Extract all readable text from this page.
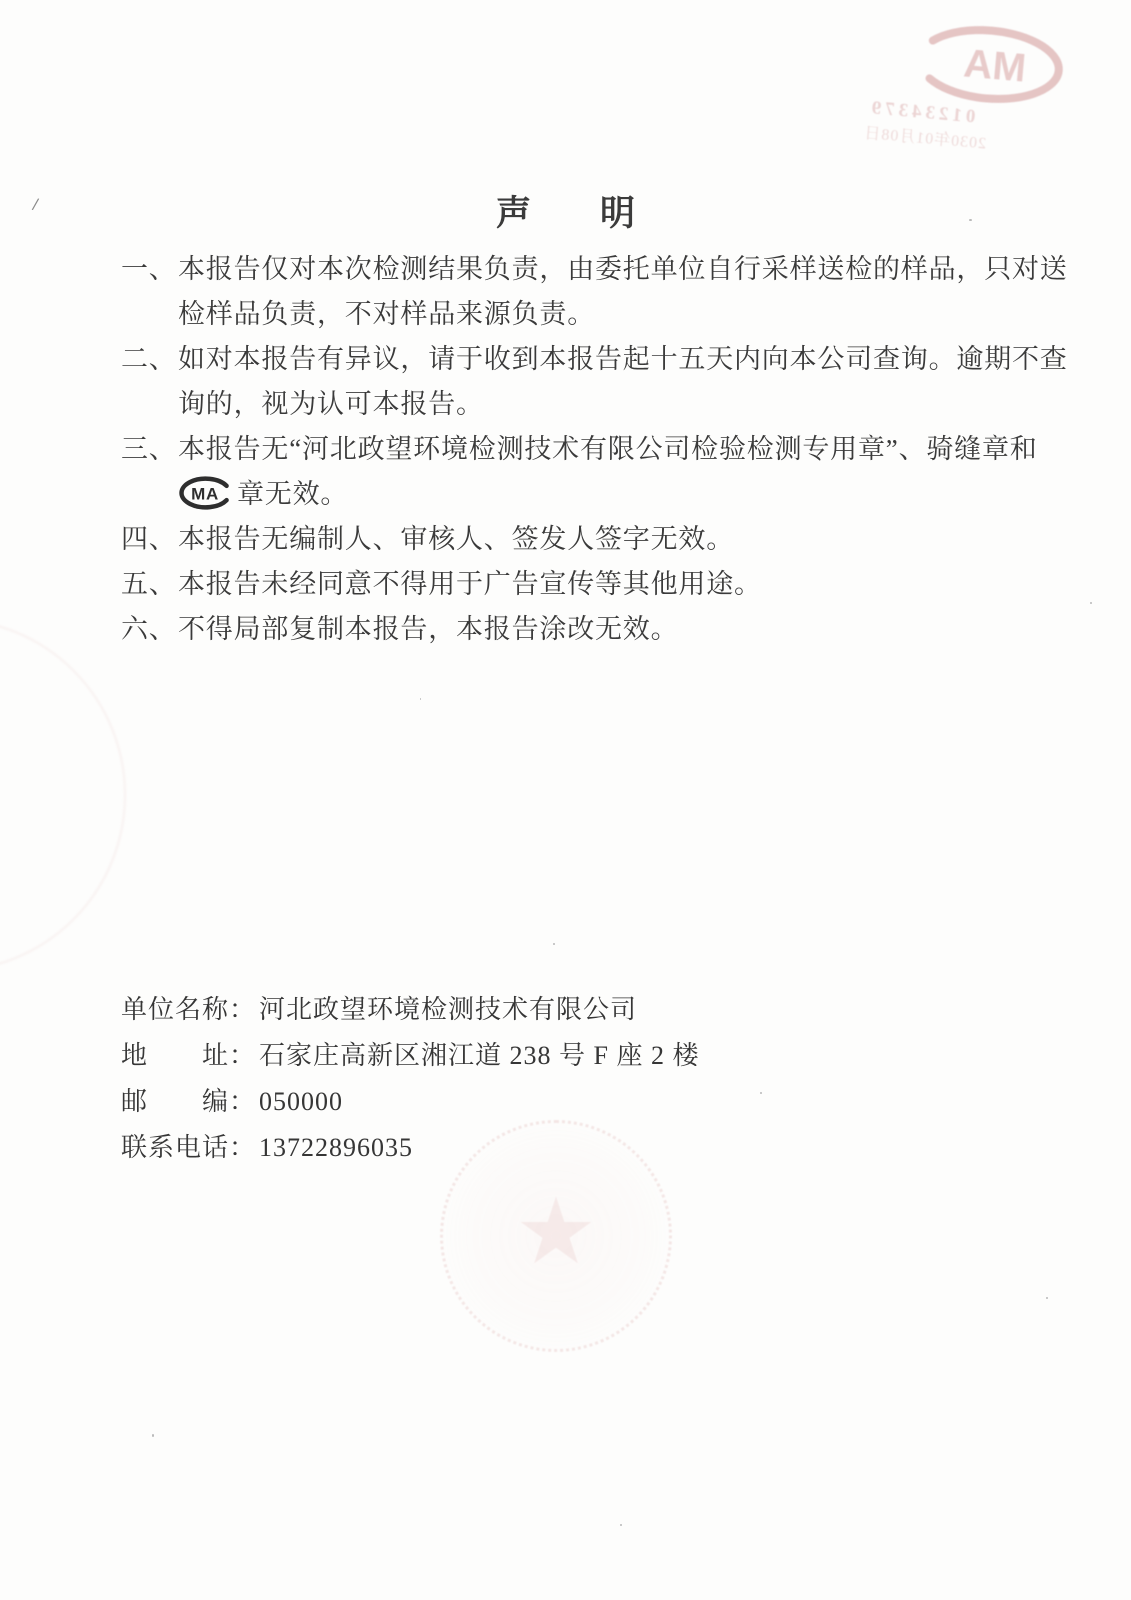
/	声 明
一、 本报告仅对本次检测结果负责，由委托单位自行采样送检的样品，只对送
检样品负责，不对样品来源负责。
二、 如对本报告有异议，请于收到本报告起十五天内向本公司查询。逾期不查
询的，视为认可本报告。
三、 本报告无“河北政望环境检测技术有限公司检验检测专用章”、骑缝章和
MA 章无效。
四、 本报告无编制人、审核人、签发人签字无效。
五、 本报告未经同意不得用于广告宣传等其他用途。
六、 不得局部复制本报告，本报告涂改无效。
单位名称： 河北政望环境检测技术有限公司
地　　址： 石家庄高新区湘江道 238 号 F 座 2 楼
邮　　编： 050000
联系电话： 13722896035
MA
01234379
2030年01月08日
★
